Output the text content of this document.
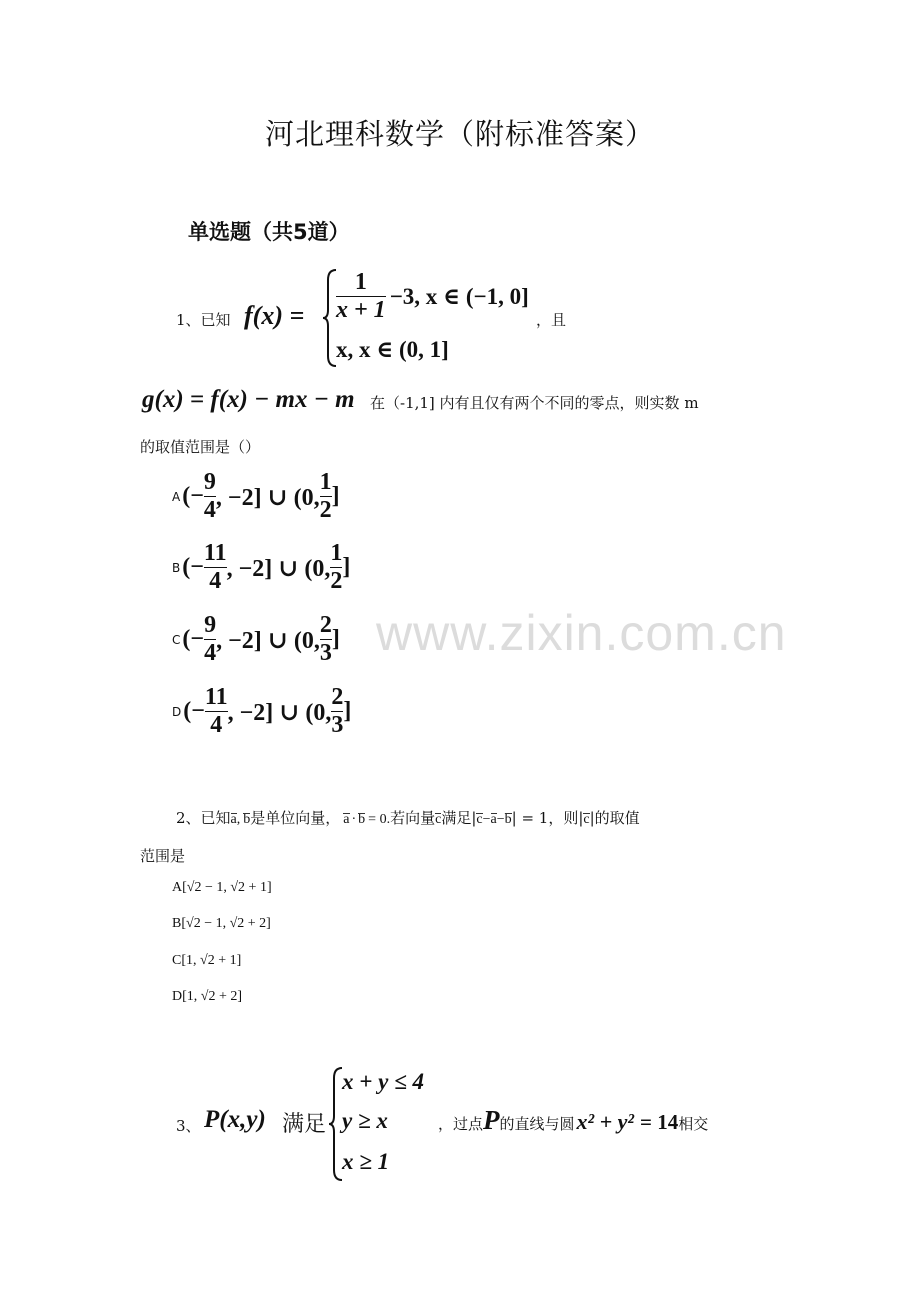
河北理科数学（附标准答案）
单选题（共5道）
www.zixin.com.cn
1、已知 $f(x) = \frac{1}{x + 1} -3$, x ∈ (−1, 0]
x, x ∈ (0, 1]
，且
g(x) = f(x) − mx − m 在（-1,1] 内有且仅有两个不同的零点，则实数 m
的取值范围是（）
A (− $\frac{9}{4}$ , −2] ∪ (0, $\frac{1}{2}$ ]
B (− $\frac{11}{4}$ , −2] ∪ (0, $\frac{1}{2}$ ]
C (− $\frac{9}{4}$ , −2] ∪ (0, $\frac{2}{3}$ ]
D (− $\frac{11}{4}$ , −2] ∪ (0, $\frac{2}{3}$ ]
2、已知 a , b 是单位向量， a · b = 0. 若向量 c 满足| c − a − b | = 1，则| c |的取值
范围是
A [√2 − 1, √2 + 1]
B [√2 − 1, √2 + 2]
C [1, √2 + 1]
D [1, √2 + 2]
3、 P(x,y) 满足
x + y ≤ 4
y ≥ x
x ≥ 1
，过点 P 的直线与圆 x² + y² = 14 相交
